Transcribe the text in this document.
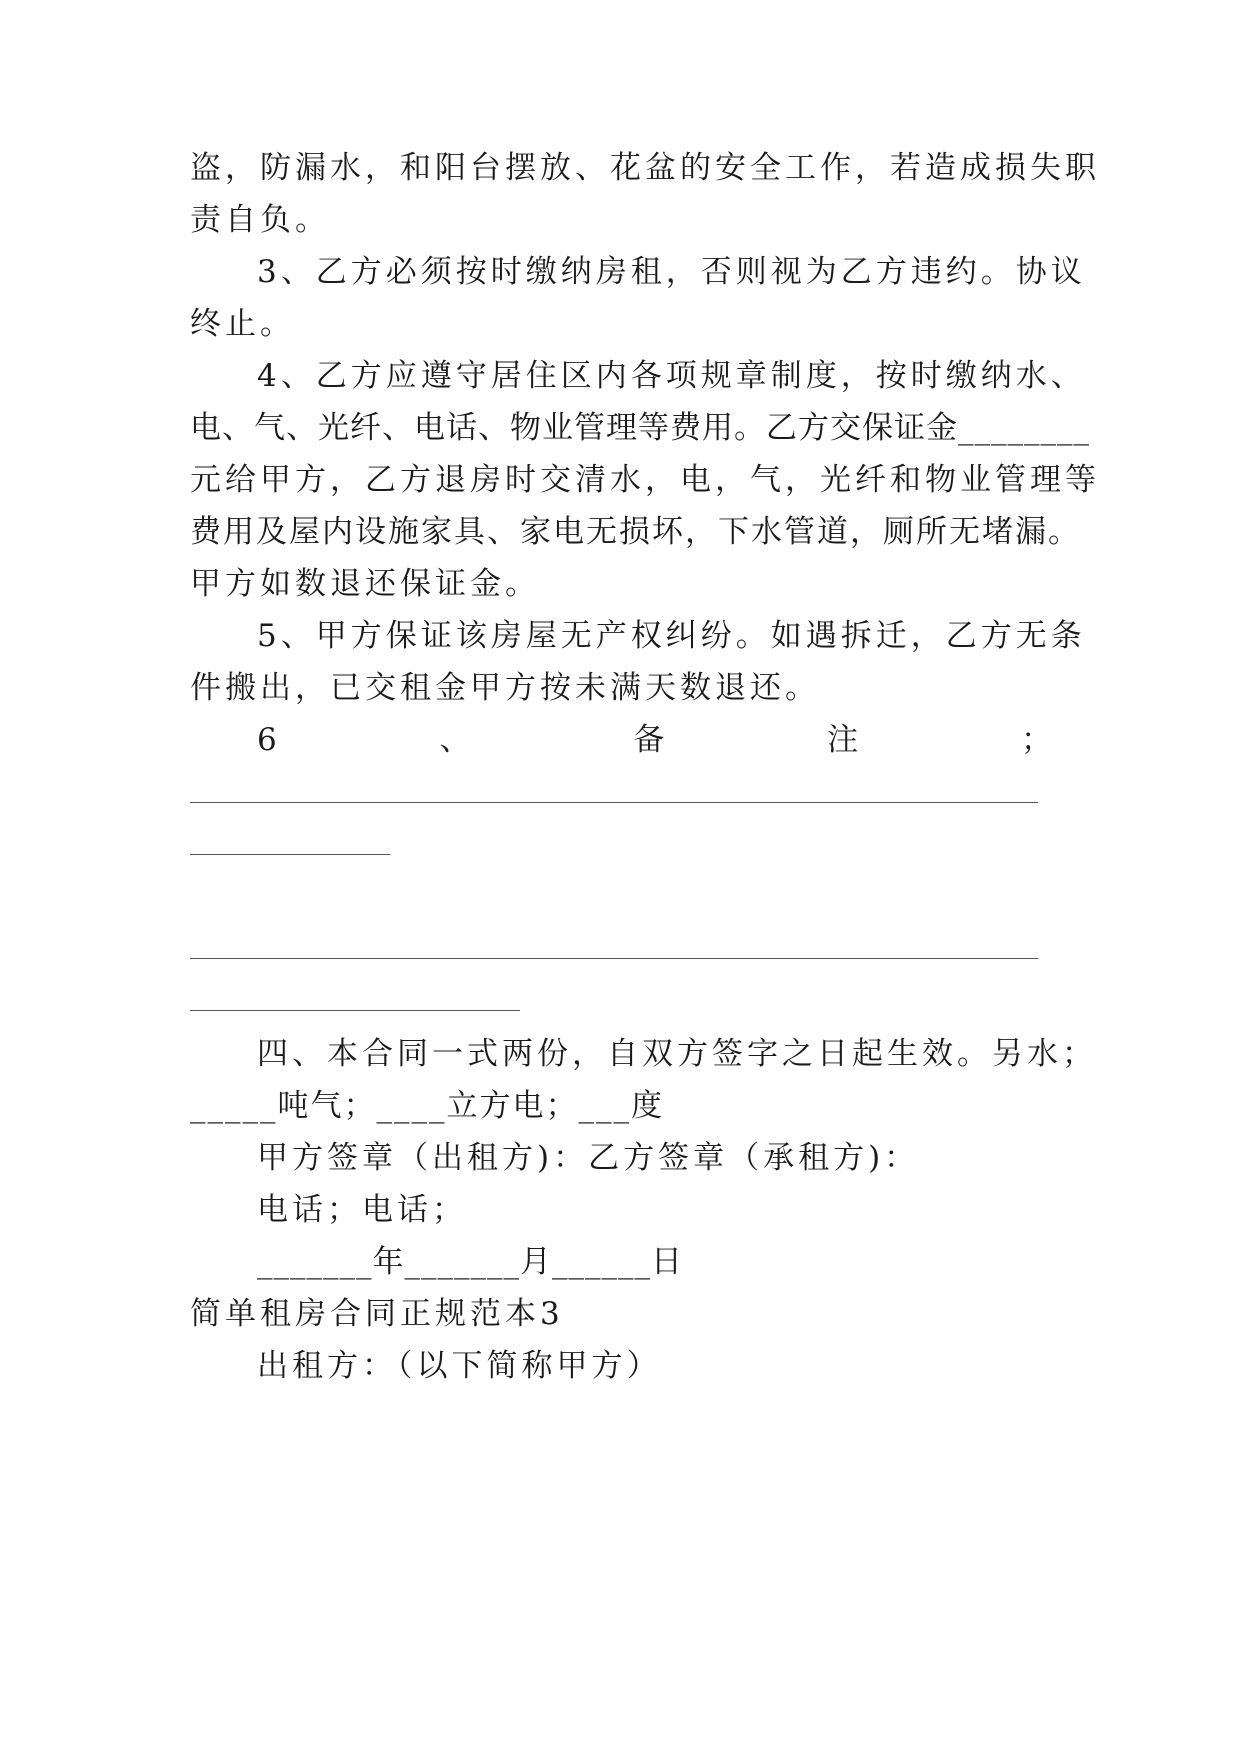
盗，防漏水，和阳台摆放、花盆的安全工作，若造成损失职
责自负。
3、乙方必须按时缴纳房租，否则视为乙方违约。协议
终止。
4、乙方应遵守居住区内各项规章制度，按时缴纳水、
电、气、光纤、电话、物业管理等费用。乙方交保证金________
元给甲方，乙方退房时交清水，电，气，光纤和物业管理等
费用及屋内设施家具、家电无损坏，下水管道，厕所无堵漏。
甲方如数退还保证金。
5、甲方保证该房屋无产权纠纷。如遇拆迁，乙方无条
件搬出，已交租金甲方按未满天数退还。
6	、	备	注	；
四、本合同一式两份，自双方签字之日起生效。另水；
_____吨气；____立方电；___度
甲方签章（出租方)：乙方签章（承租方)：
电话；电话；
_______年_______月______日
简单租房合同正规范本3
出租方：（以下简称甲方）
